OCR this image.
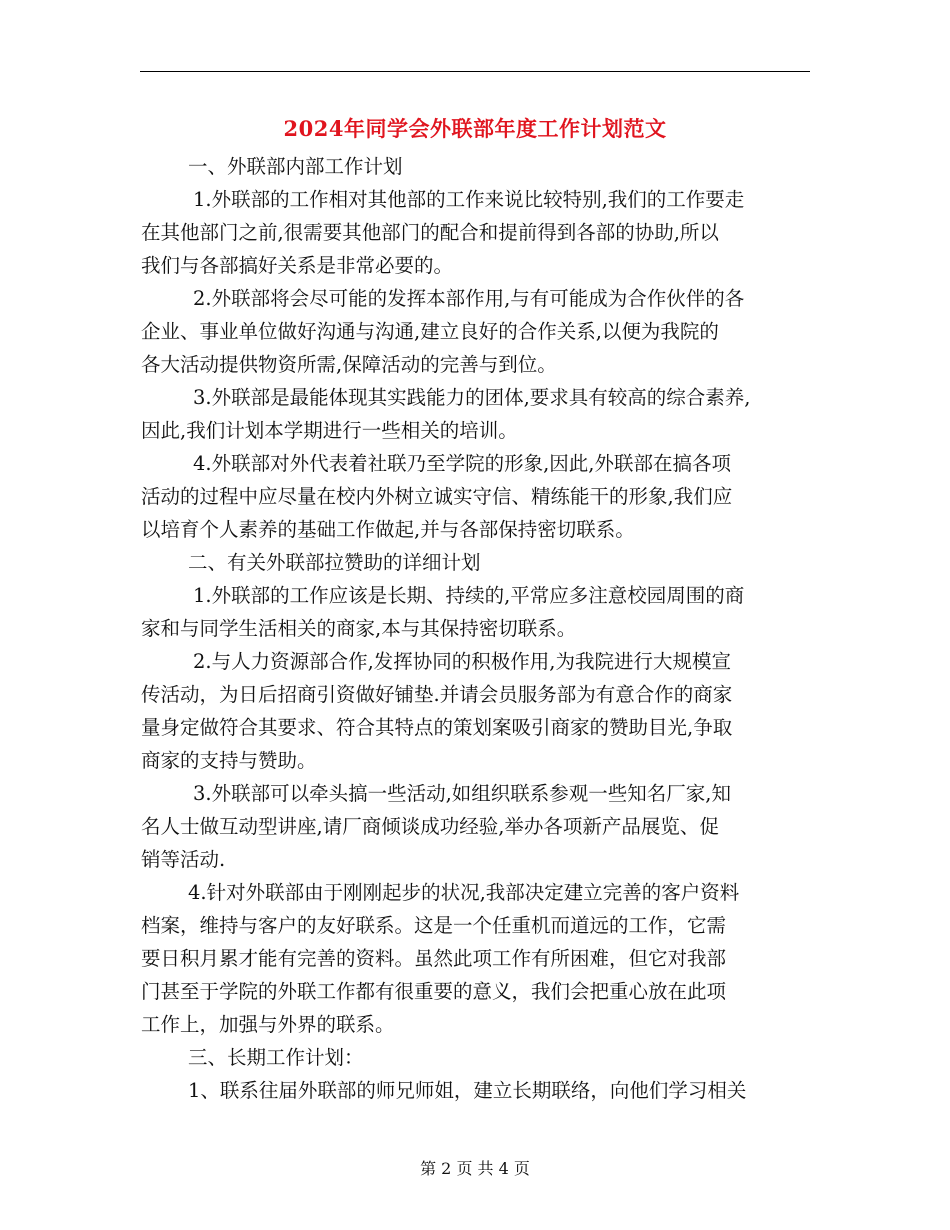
2024年同学会外联部年度工作计划范文
一、外联部内部工作计划
1.外联部的工作相对其他部的工作来说比较特别,我们的工作要走
在其他部门之前,很需要其他部门的配合和提前得到各部的协助,所以
我们与各部搞好关系是非常必要的。
2.外联部将会尽可能的发挥本部作用,与有可能成为合作伙伴的各
企业、事业单位做好沟通与沟通,建立良好的合作关系,以便为我院的
各大活动提供物资所需,保障活动的完善与到位。
3.外联部是最能体现其实践能力的团体,要求具有较高的综合素养,
因此,我们计划本学期进行一些相关的培训。
4.外联部对外代表着社联乃至学院的形象,因此,外联部在搞各项
活动的过程中应尽量在校内外树立诚实守信、精练能干的形象,我们应
以培育个人素养的基础工作做起,并与各部保持密切联系。
二、有关外联部拉赞助的详细计划
1.外联部的工作应该是长期、持续的,平常应多注意校园周围的商
家和与同学生活相关的商家,本与其保持密切联系。
2.与人力资源部合作,发挥协同的积极作用,为我院进行大规模宣
传活动，为日后招商引资做好铺垫.并请会员服务部为有意合作的商家
量身定做符合其要求、符合其特点的策划案吸引商家的赞助目光,争取
商家的支持与赞助。
3.外联部可以牵头搞一些活动,如组织联系参观一些知名厂家,知
名人士做互动型讲座,请厂商倾谈成功经验,举办各项新产品展览、促
销等活动.
4.针对外联部由于刚刚起步的状况,我部决定建立完善的客户资料
档案，维持与客户的友好联系。这是一个任重机而道远的工作，它需
要日积月累才能有完善的资料。虽然此项工作有所困难，但它对我部
门甚至于学院的外联工作都有很重要的意义，我们会把重心放在此项
工作上，加强与外界的联系。
三、长期工作计划：
1、联系往届外联部的师兄师姐，建立长期联络，向他们学习相关
第 2 页 共 4 页
